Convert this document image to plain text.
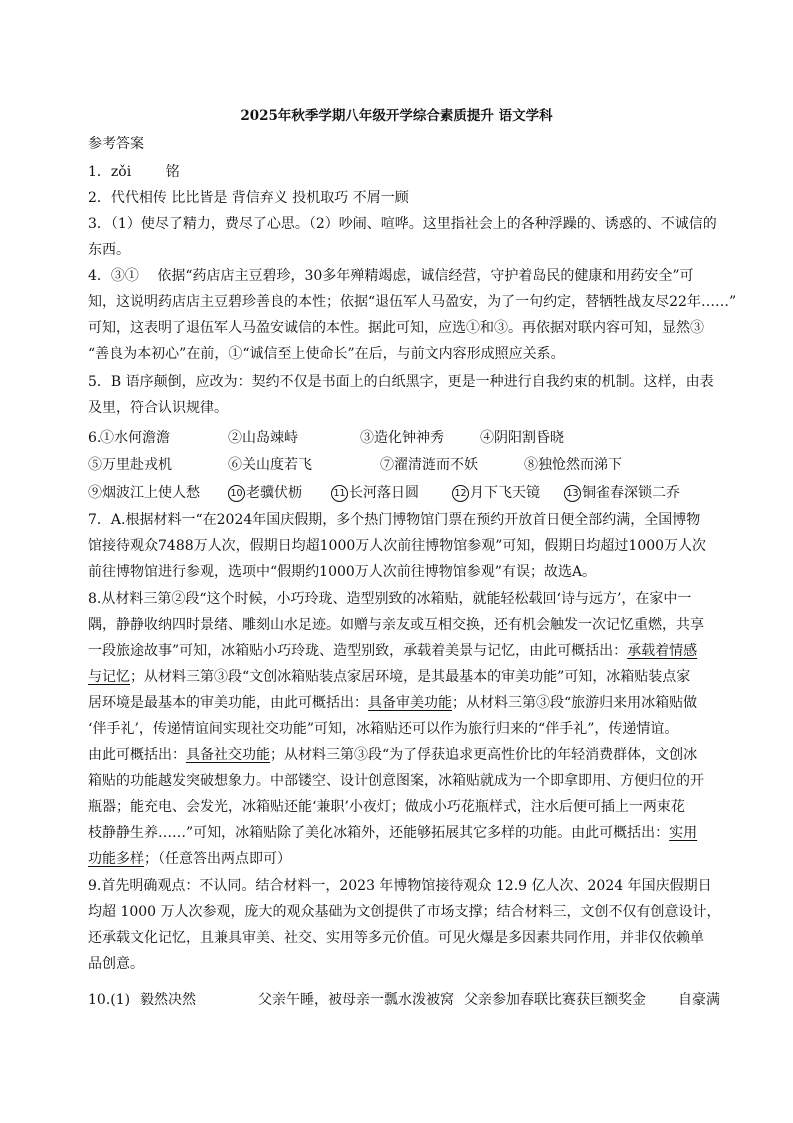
2025年秋季学期八年级开学综合素质提升 语文学科
参考答案
1．zǒi 铭
2．代代相传 比比皆是 背信弃义 投机取巧 不屑一顾
3．（1）使尽了精力，费尽了心思。（2）吵闹、喧哗。这里指社会上的各种浮躁的、诱惑的、不诚信的
东西。
4．③①　 依据“药店店主豆碧珍，30多年殚精竭虑，诚信经营，守护着岛民的健康和用药安全”可
知，这说明药店店主豆碧珍善良的本性；依据“退伍军人马盈安，为了一句约定，替牺牲战友尽22年……”
可知，这表明了退伍军人马盈安诚信的本性。据此可知，应选①和③。再依据对联内容可知，显然③
“善良为本初心”在前，①“诚信至上使命长”在后，与前文内容形成照应关系。
5．B 语序颠倒，应改为：契约不仅是书面上的白纸黑字，更是一种进行自我约束的机制。这样，由表
及里，符合认识规律。
6.
①水何澹澹	②山岛竦峙	③造化钟神秀	④阴阳割昏晓
⑤万里赴戎机	⑥关山度若飞	⑦濯清涟而不妖	⑧独怆然而涕下
⑨烟波江上使人愁	10 老骥伏枥	11 长河落日圆	12 月下飞天镜	13 铜雀春深锁二乔
7．A.根据材料一“在2024年国庆假期，多个热门博物馆门票在预约开放首日便全部约满，全国博物
馆接待观众7488万人次，假期日均超1000万人次前往博物馆参观”可知，假期日均超过1000万人次
前往博物馆进行参观，选项中“假期约1000万人次前往博物馆参观”有误；故选A。
8.从材料三第②段“这个时候，小巧玲珑、造型别致的冰箱贴，就能轻松载回‘诗与远方’，在家中一
隅，静静收纳四时景绪、雕刻山水足迹。如赠与亲友或互相交换，还有机会触发一次记忆重燃，共享
一段旅途故事”可知，冰箱贴小巧玲珑、造型别致，承载着美景与记忆，由此可概括出：承载着情感
与记忆；从材料三第③段“文创冰箱贴装点家居环境，是其最基本的审美功能”可知，冰箱贴装点家
居环境是最基本的审美功能，由此可概括出：具备审美功能；从材料三第③段“旅游归来用冰箱贴做
‘伴手礼’，传递情谊间实现社交功能”可知，冰箱贴还可以作为旅行归来的“伴手礼”，传递情谊。
由此可概括出：具备社交功能；从材料三第③段“为了俘获追求更高性价比的年轻消费群体，文创冰
箱贴的功能越发突破想象力。中部镂空、设计创意图案，冰箱贴就成为一个即拿即用、方便归位的开
瓶器；能充电、会发光，冰箱贴还能‘兼职’小夜灯；做成小巧花瓶样式，注水后便可插上一两束花
枝静静生养……”可知，冰箱贴除了美化冰箱外，还能够拓展其它多样的功能。由此可概括出：实用
功能多样；（任意答出两点即可）
9.首先明确观点：不认同。结合材料一，2023 年博物馆接待观众 12.9 亿人次、2024 年国庆假期日
均超 1000 万人次参观，庞大的观众基础为文创提供了市场支撑；结合材料三，文创不仅有创意设计，
还承载文化记忆，且兼具审美、社交、实用等多元价值。可见火爆是多因素共同作用，并非仅依赖单
品创意。
10.(1) 毅然决然	父亲午睡，被母亲一瓢水泼被窝 父亲参加春联比赛获巨额奖金 自豪满
